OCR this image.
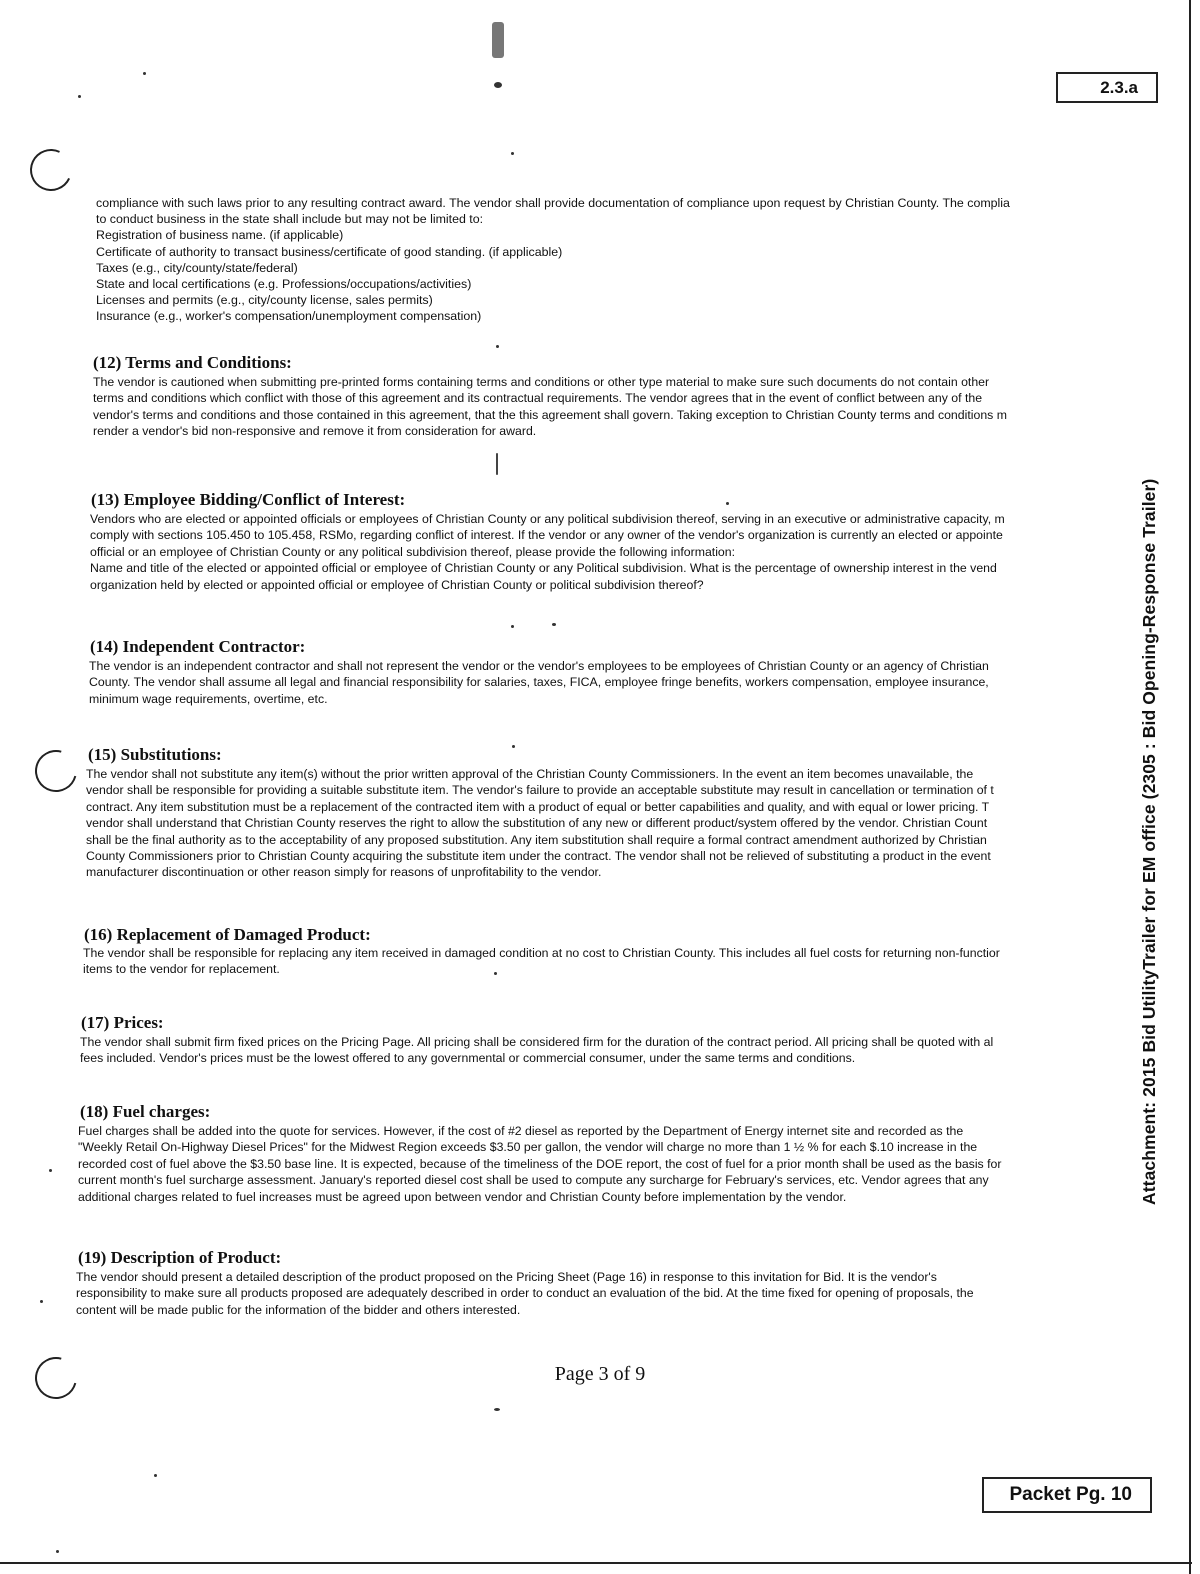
2.3.a
Attachment: 2015 Bid UtilityTrailer for EM office (2305 : Bid Opening-Response Trailer)
compliance with such laws prior to any resulting contract award. The vendor shall provide documentation of compliance upon request by Christian County. The complia
to conduct business in the state shall include but may not be limited to:
Registration of business name. (if applicable)
Certificate of authority to transact business/certificate of good standing. (if applicable)
Taxes (e.g., city/county/state/federal)
State and local certifications (e.g. Professions/occupations/activities)
Licenses and permits (e.g., city/county license, sales permits)
Insurance (e.g., worker's compensation/unemployment compensation)
(12) Terms and Conditions:
The vendor is cautioned when submitting pre-printed forms containing terms and conditions or other type material to make sure such documents do not contain other
terms and conditions which conflict with those of this agreement and its contractual requirements. The vendor agrees that in the event of conflict between any of the
vendor's terms and conditions and those contained in this agreement, that the this agreement shall govern. Taking exception to Christian County terms and conditions m
render a vendor's bid non-responsive and remove it from consideration for award.
(13) Employee Bidding/Conflict of Interest:
Vendors who are elected or appointed officials or employees of Christian County or any political subdivision thereof, serving in an executive or administrative capacity, m
comply with sections 105.450 to 105.458, RSMo, regarding conflict of interest. If the vendor or any owner of the vendor's organization is currently an elected or appointe
official or an employee of Christian County or any political subdivision thereof, please provide the following information:
Name and title of the elected or appointed official or employee of Christian County or any Political subdivision. What is the percentage of ownership interest in the vend
organization held by elected or appointed official or employee of Christian County or political subdivision thereof?
(14) Independent Contractor:
The vendor is an independent contractor and shall not represent the vendor or the vendor's employees to be employees of Christian County or an agency of Christian
County. The vendor shall assume all legal and financial responsibility for salaries, taxes, FICA, employee fringe benefits, workers compensation, employee insurance,
minimum wage requirements, overtime, etc.
(15) Substitutions:
The vendor shall not substitute any item(s) without the prior written approval of the Christian County Commissioners. In the event an item becomes unavailable, the
vendor shall be responsible for providing a suitable substitute item. The vendor's failure to provide an acceptable substitute may result in cancellation or termination of t
contract. Any item substitution must be a replacement of the contracted item with a product of equal or better capabilities and quality, and with equal or lower pricing. T
vendor shall understand that Christian County reserves the right to allow the substitution of any new or different product/system offered by the vendor. Christian Count
shall be the final authority as to the acceptability of any proposed substitution. Any item substitution shall require a formal contract amendment authorized by Christian
County Commissioners prior to Christian County acquiring the substitute item under the contract. The vendor shall not be relieved of substituting a product in the event
manufacturer discontinuation or other reason simply for reasons of unprofitability to the vendor.
(16) Replacement of Damaged Product:
The vendor shall be responsible for replacing any item received in damaged condition at no cost to Christian County. This includes all fuel costs for returning non-functior
items to the vendor for replacement.
(17) Prices:
The vendor shall submit firm fixed prices on the Pricing Page. All pricing shall be considered firm for the duration of the contract period. All pricing shall be quoted with al
fees included. Vendor's prices must be the lowest offered to any governmental or commercial consumer, under the same terms and conditions.
(18) Fuel charges:
Fuel charges shall be added into the quote for services. However, if the cost of #2 diesel as reported by the Department of Energy internet site and recorded as the
"Weekly Retail On-Highway Diesel Prices" for the Midwest Region exceeds $3.50 per gallon, the vendor will charge no more than 1 ½ % for each $.10 increase in the
recorded cost of fuel above the $3.50 base line. It is expected, because of the timeliness of the DOE report, the cost of fuel for a prior month shall be used as the basis for
current month's fuel surcharge assessment. January's reported diesel cost shall be used to compute any surcharge for February's services, etc. Vendor agrees that any
additional charges related to fuel increases must be agreed upon between vendor and Christian County before implementation by the vendor.
(19) Description of Product:
The vendor should present a detailed description of the product proposed on the Pricing Sheet (Page 16) in response to this invitation for Bid. It is the vendor's
responsibility to make sure all products proposed are adequately described in order to conduct an evaluation of the bid. At the time fixed for opening of proposals, the
content will be made public for the information of the bidder and others interested.
Page 3 of 9
Packet Pg. 10
